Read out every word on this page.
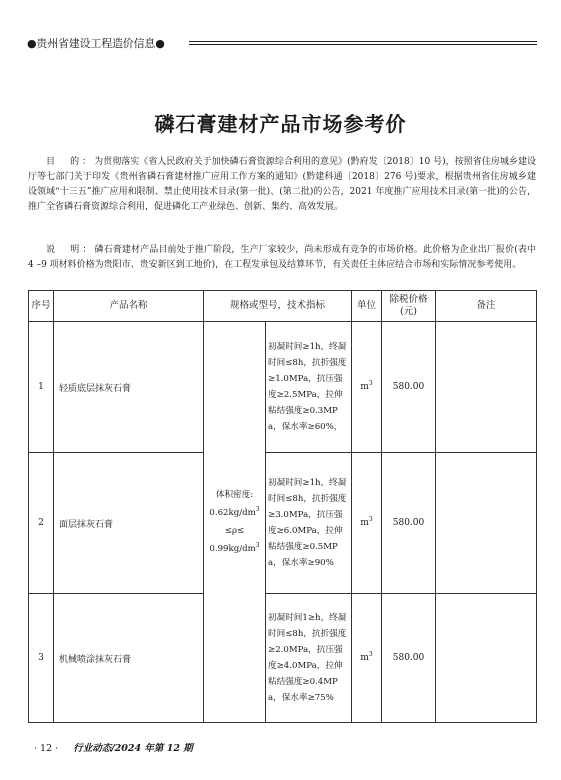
●贵州省建设工程造价信息●
磷石膏建材产品市场参考价
目　的：为贯彻落实《省人民政府关于加快磷石膏资源综合利用的意见》(黔府发〔2018〕10 号)，按照省住房城乡建设厅等七部门关于印发《贵州省磷石膏建材推广应用工作方案的通知》(黔建科通〔2018〕276 号)要求，根据贵州省住房城乡建设领域“十三五”推广应用和限制、禁止使用技术目录(第一批)、(第二批)的公告，2021 年度推广应用技术目录(第一批)的公告，推广全省磷石膏资源综合利用，促进磷化工产业绿色、创新、集约、高效发展。
说　明：磷石膏建材产品目前处于推广阶段，生产厂家较少，尚未形成有竞争的市场价格。此价格为企业出厂报价(表中 4 –9 项材料价格为贵阳市、贵安新区到工地价)，在工程发承包及结算环节，有关责任主体应结合市场和实际情况参考使用。
序号	产品名称	规格或型号，技术指标		单位	除税价格(元)	备注
1	轻质底层抹灰石膏	体积密度:
$0.62kg/dm^3$
≤ρ≤
$0.99kg/dm^3$	初凝时间≥1h，终凝时间≤8h，抗折强度≥1.0MPa，抗压强度≥2.5MPa，拉伸粘结强度≥0.3MPa，保水率≥60%，	$m^3$	580.00	
2	面层抹灰石膏		初凝时间≥1h，终凝时间≤8h，抗折强度≥3.0MPa，抗压强度≥6.0MPa，拉伸粘结强度≥0.5MPa，保水率≥90%	$m^3$	580.00	
3	机械喷涂抹灰石膏		初凝时间1≥h，终凝时间≤8h，抗折强度≥2.0MPa，抗压强度≥4.0MPa，拉伸粘结强度≥0.4MPa，保水率≥75%	$m^3$	580.00	
· 12 · 行业动态/2024 年第 12 期
